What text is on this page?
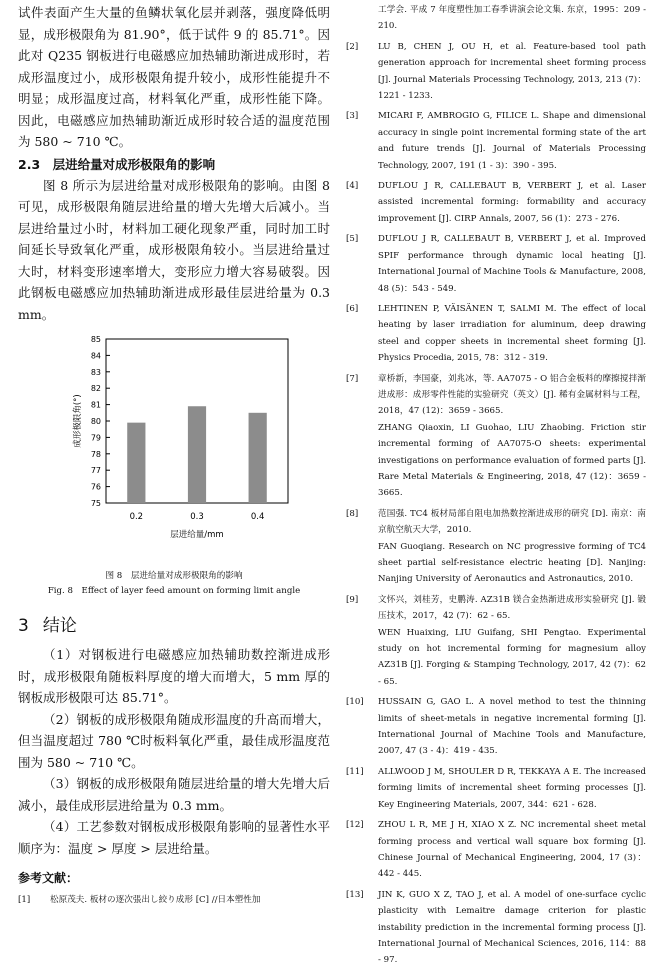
试件表面产生大量的鱼鳞状氧化层并剥落，强度降低明显，成形极限角为 81.90°，低于试件 9 的 85.71°。因此对 Q235 钢板进行电磁感应加热辅助渐进成形时，若成形温度过小，成形极限角提升较小，成形性能提升不明显；成形温度过高，材料氧化严重，成形性能下降。因此，电磁感应加热辅助渐近成形时较合适的温度范围为 580 ~ 710 ℃。

2.3　层进给量对成形极限角的影响

图 8 所示为层进给量对成形极限角的影响。由图 8 可见，成形极限角随层进给量的增大先增大后减小。当层进给量过小时，材料加工硬化现象严重，同时加工时间延长导致氧化严重，成形极限角较小。当层进给量过大时，材料变形速率增大，变形应力增大容易破裂。因此钢板电磁感应加热辅助渐进成形最佳层进给量为 0.3 mm。

75
76
77
78
79
80
81
82
83
84
85
0.2	0.3	0.4
层进给量/mm
成形极限角(°)

图 8　层进给量对成形极限角的影响

Fig. 8　Effect of layer feed amount on forming limit angle

3 结论

（1）对钢板进行电磁感应加热辅助数控渐进成形时，成形极限角随板料厚度的增大而增大，5 mm 厚的钢板成形极限可达 85.71°。

（2）钢板的成形极限角随成形温度的升高而增大，但当温度超过 780 ℃时板料氧化严重，最佳成形温度范围为 580 ~ 710 ℃。

（3）钢板的成形极限角随层进给量的增大先增大后减小，最佳成形层进给量为 0.3 mm。

（4）工艺参数对钢板成形极限角影响的显著性水平顺序为：温度 > 厚度 > 层进给量。

参考文献：
[1]	松原茂夫. 板材の逐次張出し絞り成形 [C] //日本塑性加
工学会. 平成 7 年度塑性加工春季讲演会论文集. 东京，1995：209 - 210.
[2]	LU B, CHEN J, OU H, et al. Feature-based tool path generation approach for incremental sheet forming process [J]. Journal Materials Processing Technology, 2013, 213 (7)：1221 - 1233.
[3]	MICARI F, AMBROGIO G, FILICE L. Shape and dimensional accuracy in single point incremental forming state of the art and future trends [J]. Journal of Materials Processing Technology, 2007, 191 (1 - 3)：390 - 395.
[4]	DUFLOU J R, CALLEBAUT B, VERBERT J, et al. Laser assisted incremental forming: formability and accuracy improvement [J]. CIRP Annals, 2007, 56 (1)：273 - 276.
[5]	DUFLOU J R, CALLEBAUT B, VERBERT J, et al. Improved SPIF performance through dynamic local heating [J]. International Journal of Machine Tools & Manufacture, 2008, 48 (5)：543 - 549.
[6]	LEHTINEN P, VÄISÄNEN T, SALMI M. The effect of local heating by laser irradiation for aluminum, deep drawing steel and copper sheets in incremental sheet forming [J]. Physics Procedia, 2015, 78：312 - 319.
[7]	章桥新，李国豪，刘兆冰，等. AA7075 - O 铝合金板料的摩擦搅拌渐进成形：成形零件性能的实验研究（英文）[J]. 稀有金属材料与工程，2018，47 (12)：3659 - 3665.
ZHANG Qiaoxin, LI Guohao, LIU Zhaobing. Friction stir incremental forming of AA7075-O sheets: experimental investigations on performance evaluation of formed parts [J]. Rare Metal Materials & Engineering, 2018, 47 (12)：3659 - 3665.
[8]	范国强. TC4 板材局部自阻电加热数控渐进成形的研究 [D]. 南京：南京航空航天大学，2010.
FAN Guoqiang. Research on NC progressive forming of TC4 sheet partial self-resistance electric heating [D]. Nanjing: Nanjing University of Aeronautics and Astronautics, 2010.
[9]	文怀兴，刘桂芳，史鹏涛. AZ31B 镁合金热渐进成形实验研究 [J]. 锻压技术，2017，42 (7)：62 - 65.
WEN Huaixing, LIU Guifang, SHI Pengtao. Experimental study on hot incremental forming for magnesium alloy AZ31B [J]. Forging & Stamping Technology, 2017, 42 (7)：62 - 65.
[10]	HUSSAIN G, GAO L. A novel method to test the thinning limits of sheet-metals in negative incremental forming [J]. International Journal of Machine Tools and Manufacture, 2007, 47 (3 - 4)：419 - 435.
[11]	ALLWOOD J M, SHOULER D R, TEKKAYA A E. The increased forming limits of incremental sheet forming processes [J]. Key Engineering Materials, 2007, 344：621 - 628.
[12]	ZHOU L R, ME J H, XIAO X Z. NC incremental sheet metal forming process and vertical wall square box forming [J]. Chinese Journal of Mechanical Engineering, 2004, 17 (3)：442 - 445.
[13]	JIN K, GUO X Z, TAO J, et al. A model of one-surface cyclic plasticity with Lemaitre damage criterion for plastic instability prediction in the incremental forming process [J]. International Journal of Mechanical Sciences, 2016, 114：88 - 97.
